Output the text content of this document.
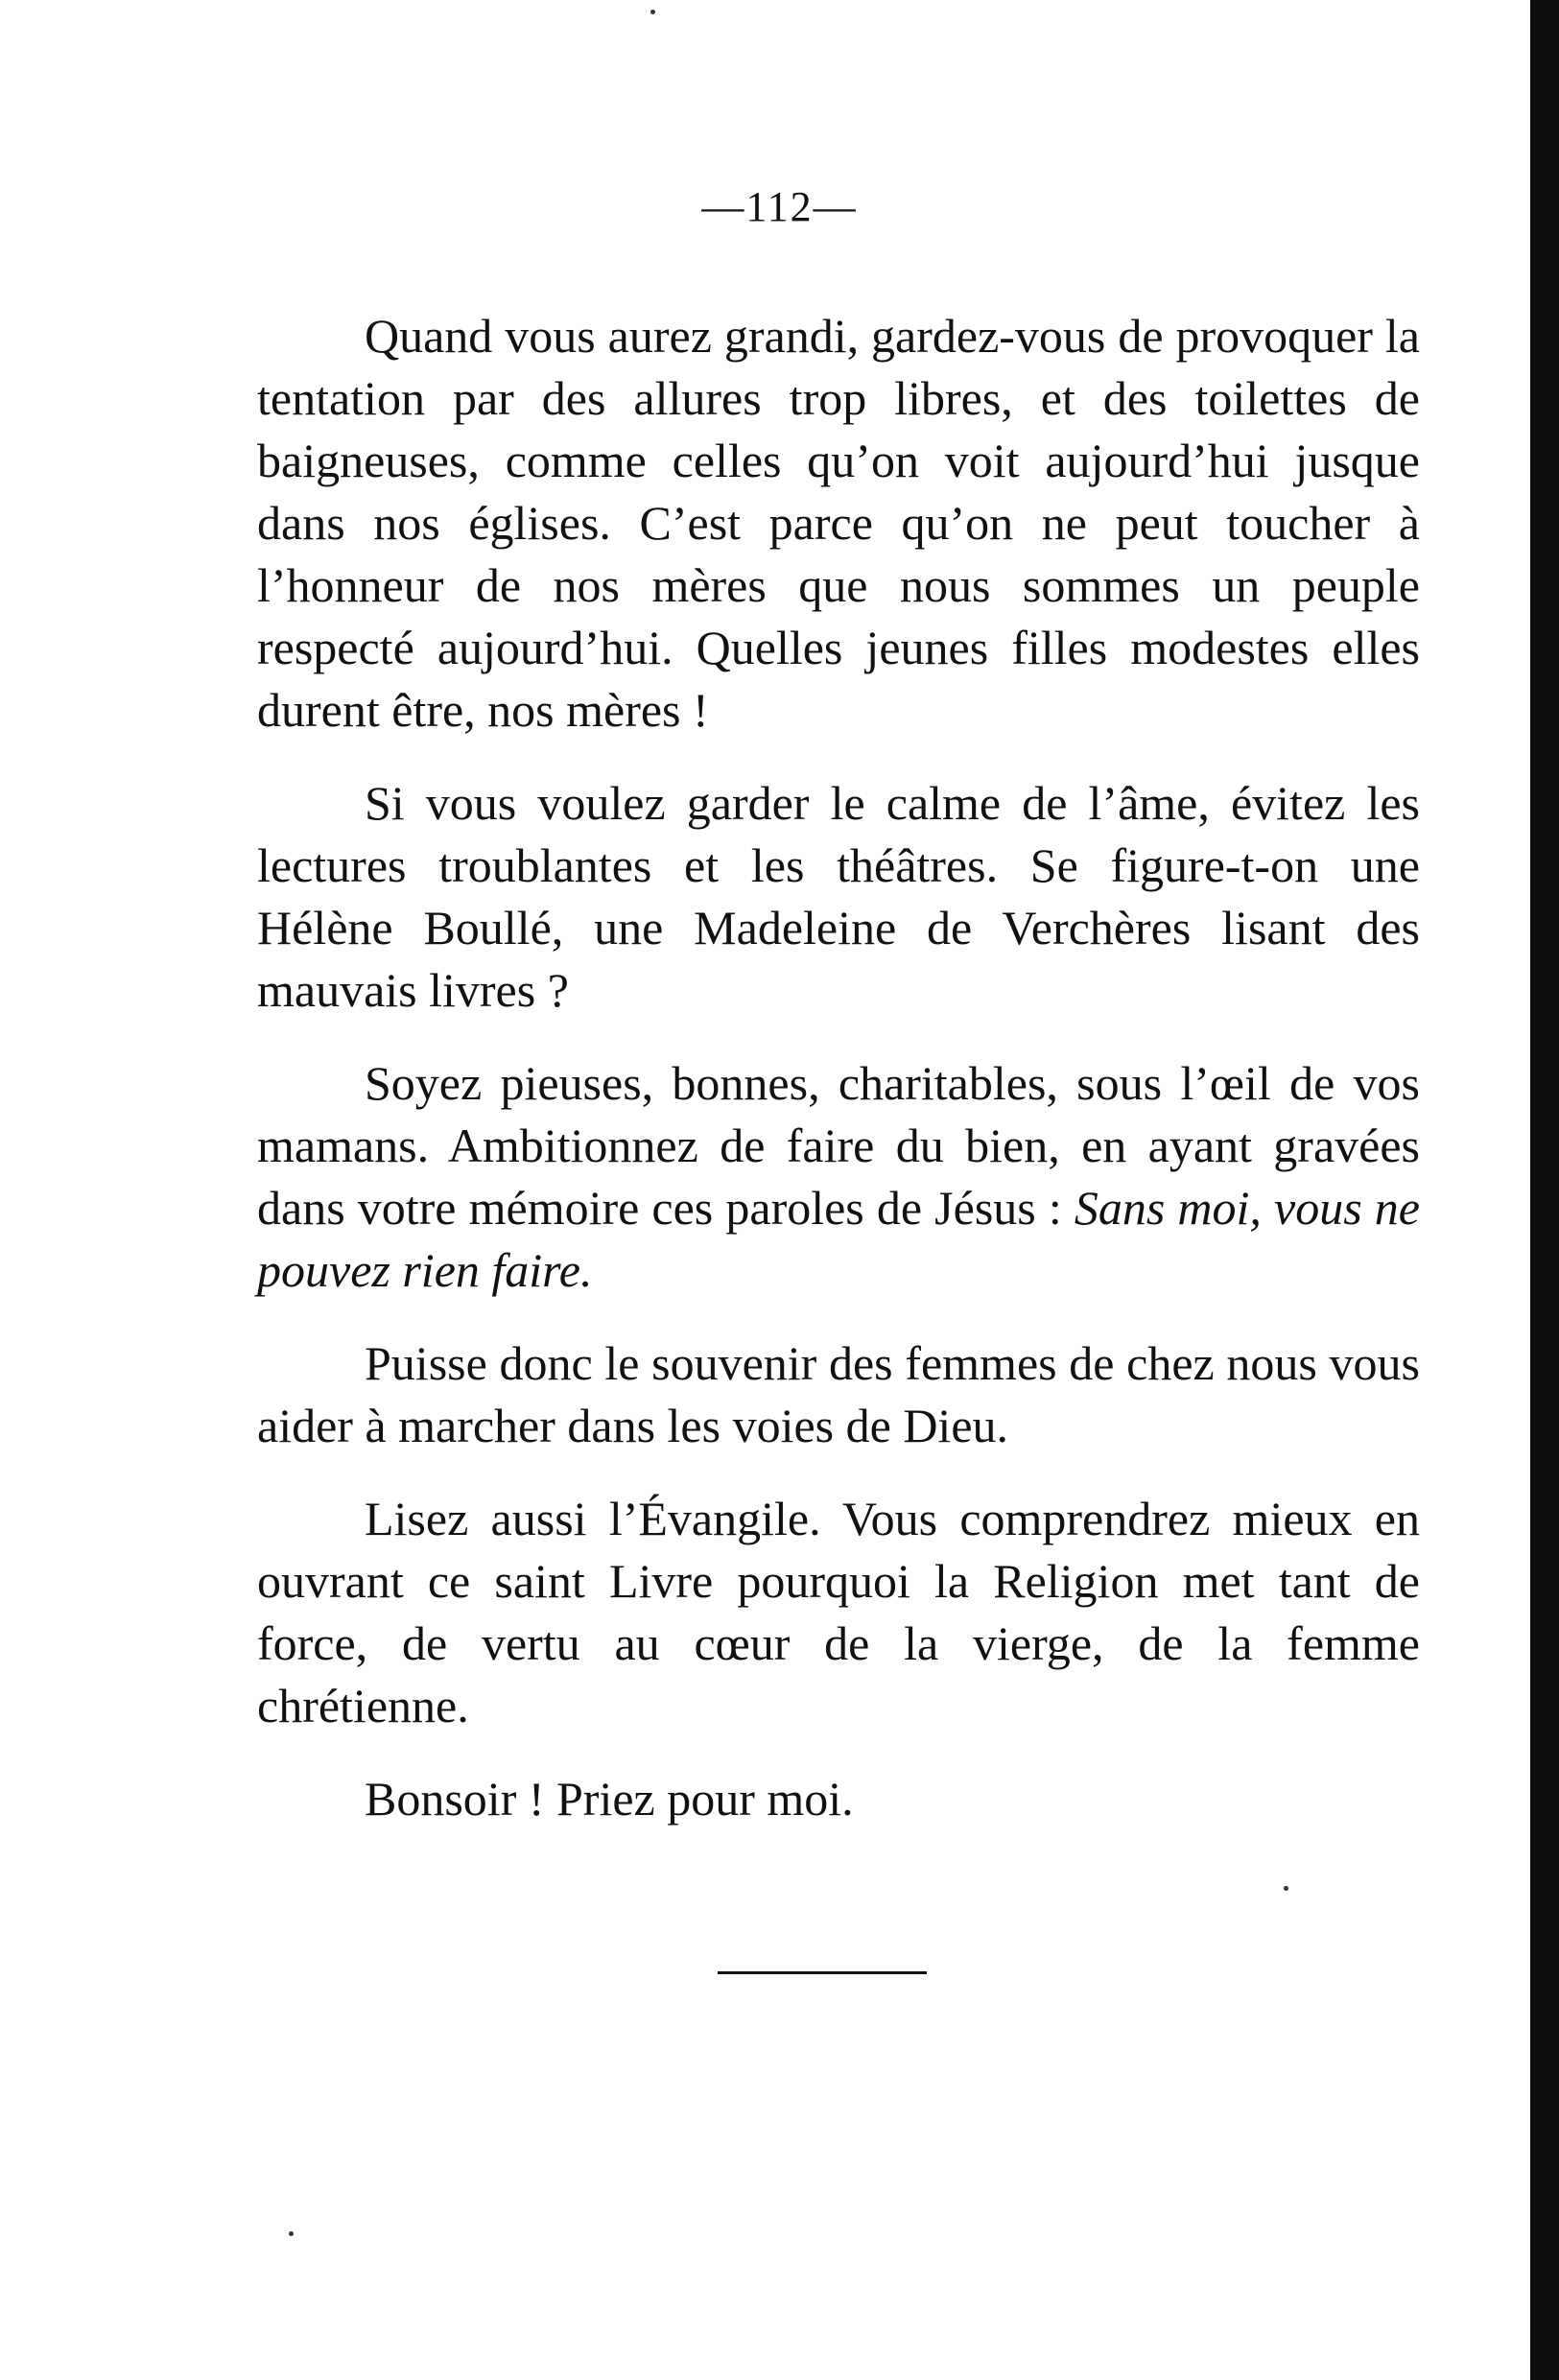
—112—

Quand vous aurez grandi, gardez-vous de provoquer la tentation par des allures trop libres, et des toilettes de baigneuses, comme celles qu’on voit aujourd’hui jusque dans nos églises. C’est parce qu’on ne peut toucher à l’honneur de nos mères que nous sommes un peuple respecté aujourd’hui. Quelles jeunes filles modestes elles durent être, nos mères !

Si vous voulez garder le calme de l’âme, évitez les lectures troublantes et les théâtres. Se figure-t-on une Hélène Boullé, une Madeleine de Verchères lisant des mauvais livres ?

Soyez pieuses, bonnes, charitables, sous l’œil de vos mamans. Ambitionnez de faire du bien, en ayant gravées dans votre mémoire ces paroles de Jésus : Sans moi, vous ne pouvez rien faire.

Puisse donc le souvenir des femmes de chez nous vous aider à marcher dans les voies de Dieu.

Lisez aussi l’Évangile. Vous comprendrez mieux en ouvrant ce saint Livre pourquoi la Religion met tant de force, de vertu au cœur de la vierge, de la femme chrétienne.

Bonsoir ! Priez pour moi.
